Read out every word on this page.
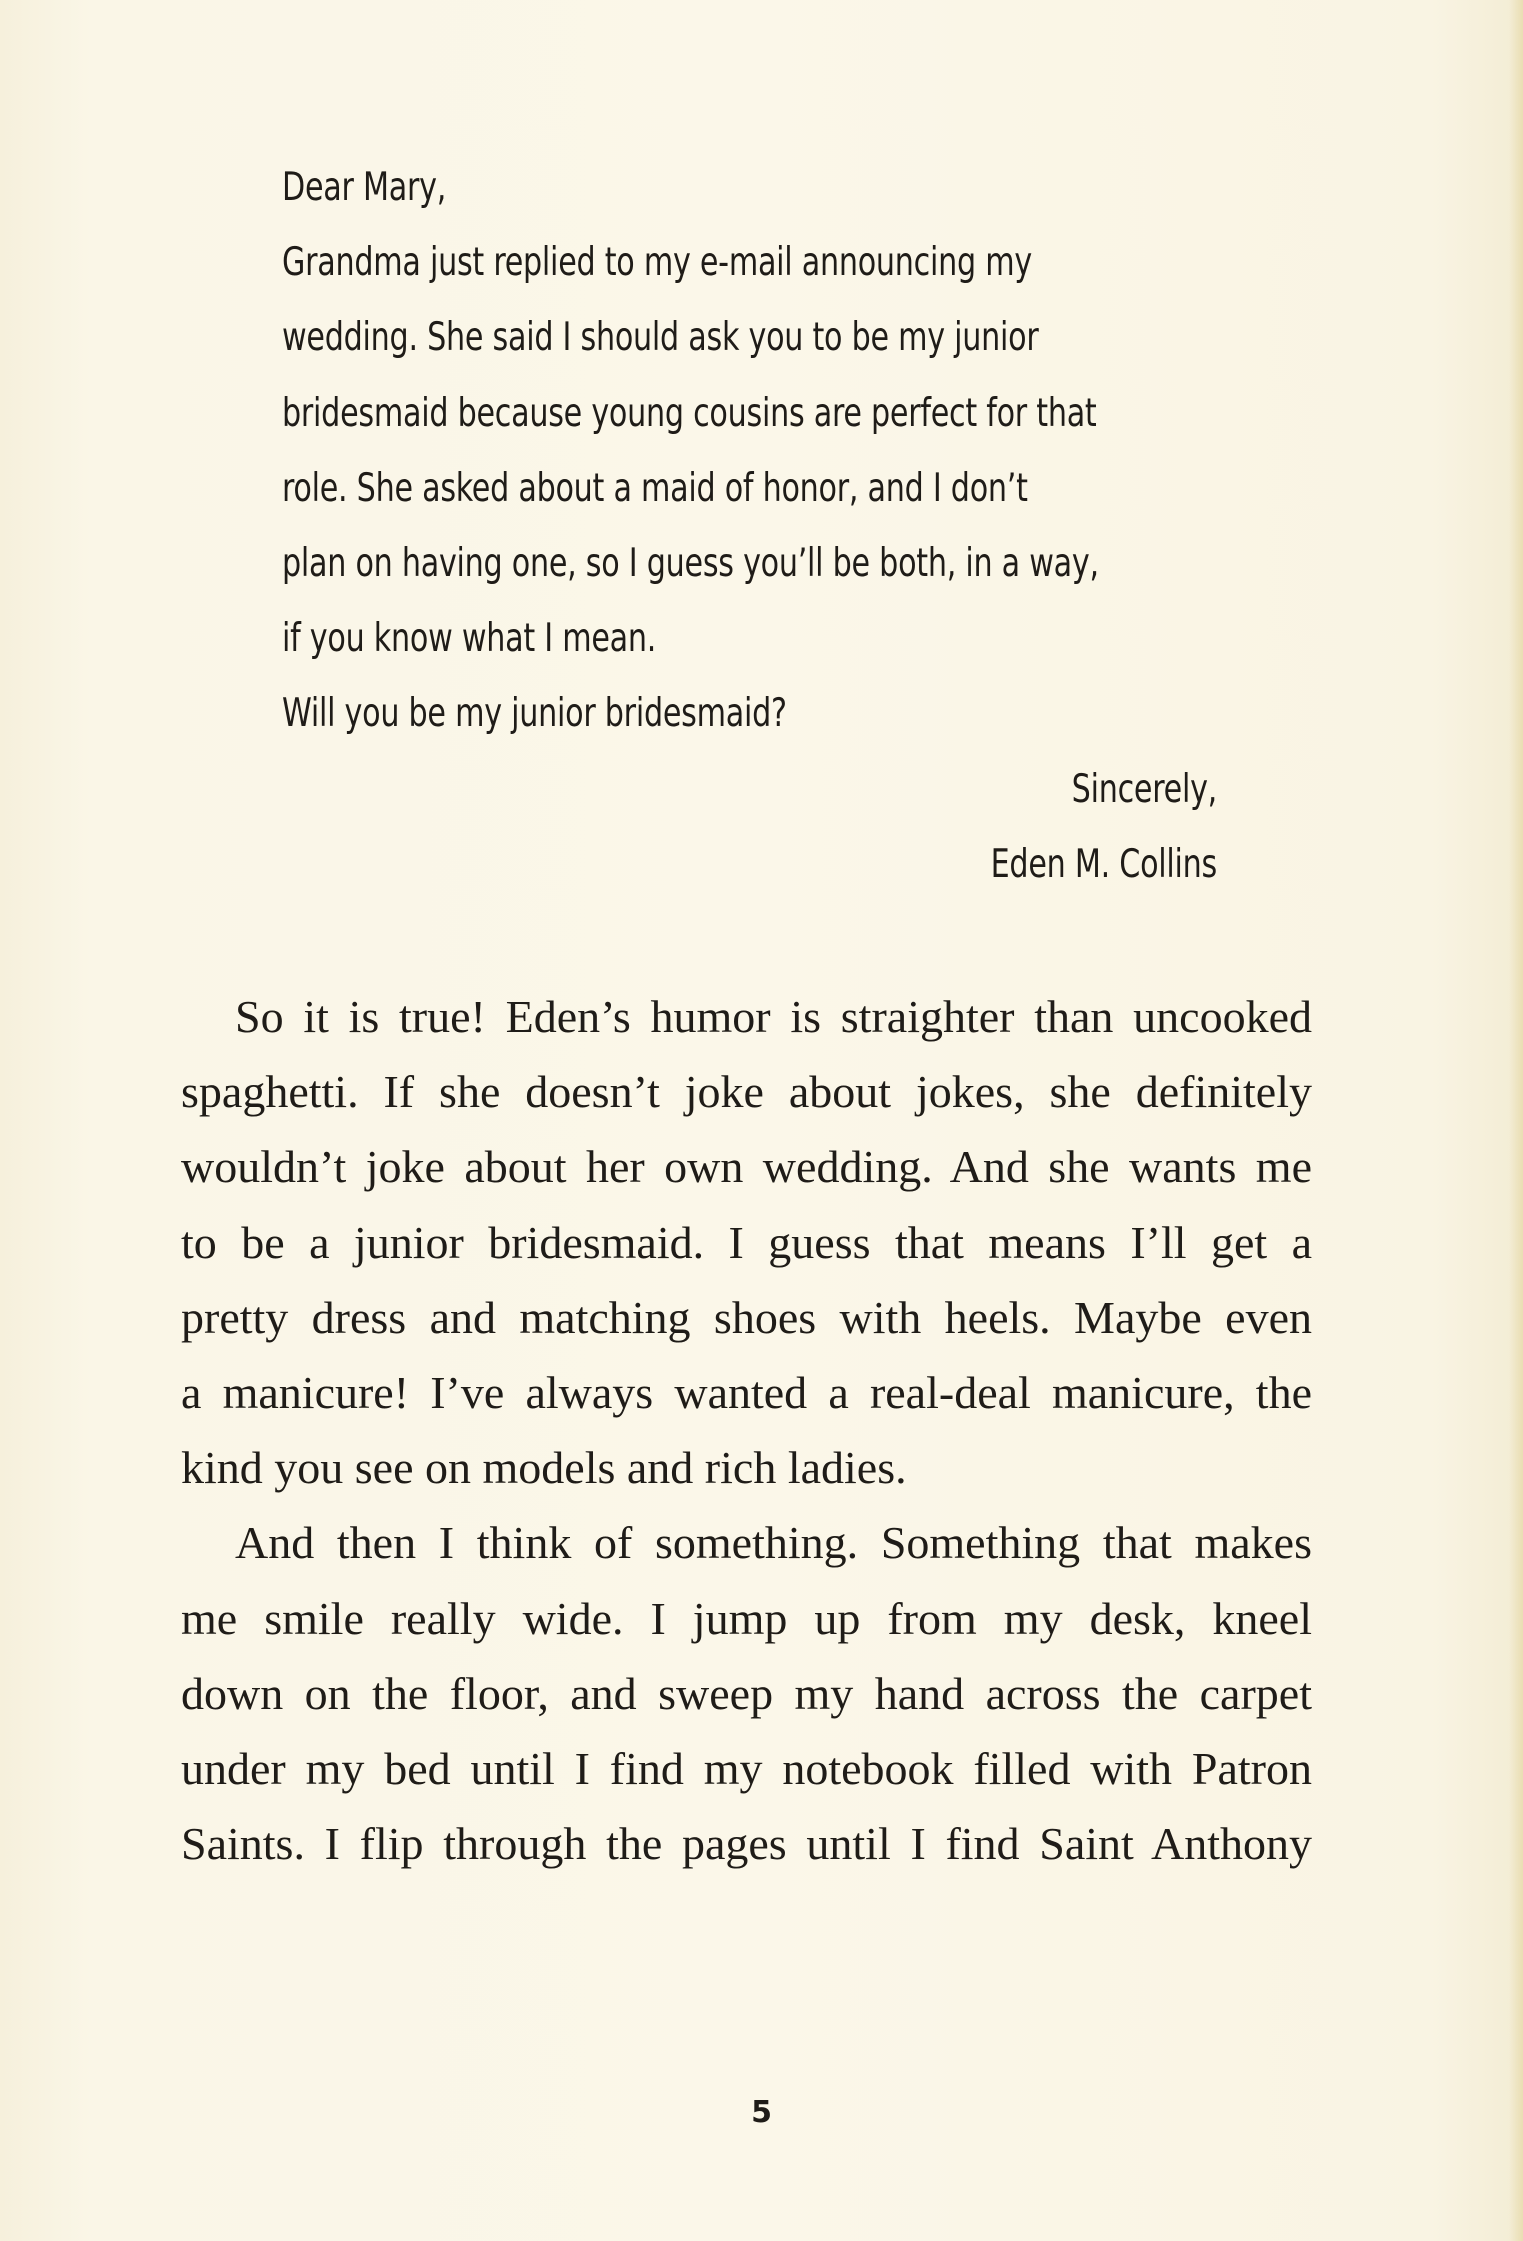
Dear Mary,
Grandma just replied to my e-mail announcing my
wedding. She said I should ask you to be my junior
bridesmaid because young cousins are perfect for that
role. She asked about a maid of honor, and I don’t
plan on having one, so I guess you’ll be both, in a way,
if you know what I mean.
Will you be my junior bridesmaid?
Sincerely,
Eden M. Collins
So it is true! Eden’s humor is straighter than uncooked
spaghetti. If she doesn’t joke about jokes, she definitely
wouldn’t joke about her own wedding. And she wants me
to be a junior bridesmaid. I guess that means I’ll get a
pretty dress and matching shoes with heels. Maybe even
a manicure! I’ve always wanted a real-deal manicure, the
kind you see on models and rich ladies.
And then I think of something. Something that makes
me smile really wide. I jump up from my desk, kneel
down on the floor, and sweep my hand across the carpet
under my bed until I find my notebook filled with Patron
Saints. I flip through the pages until I find Saint Anthony
5
